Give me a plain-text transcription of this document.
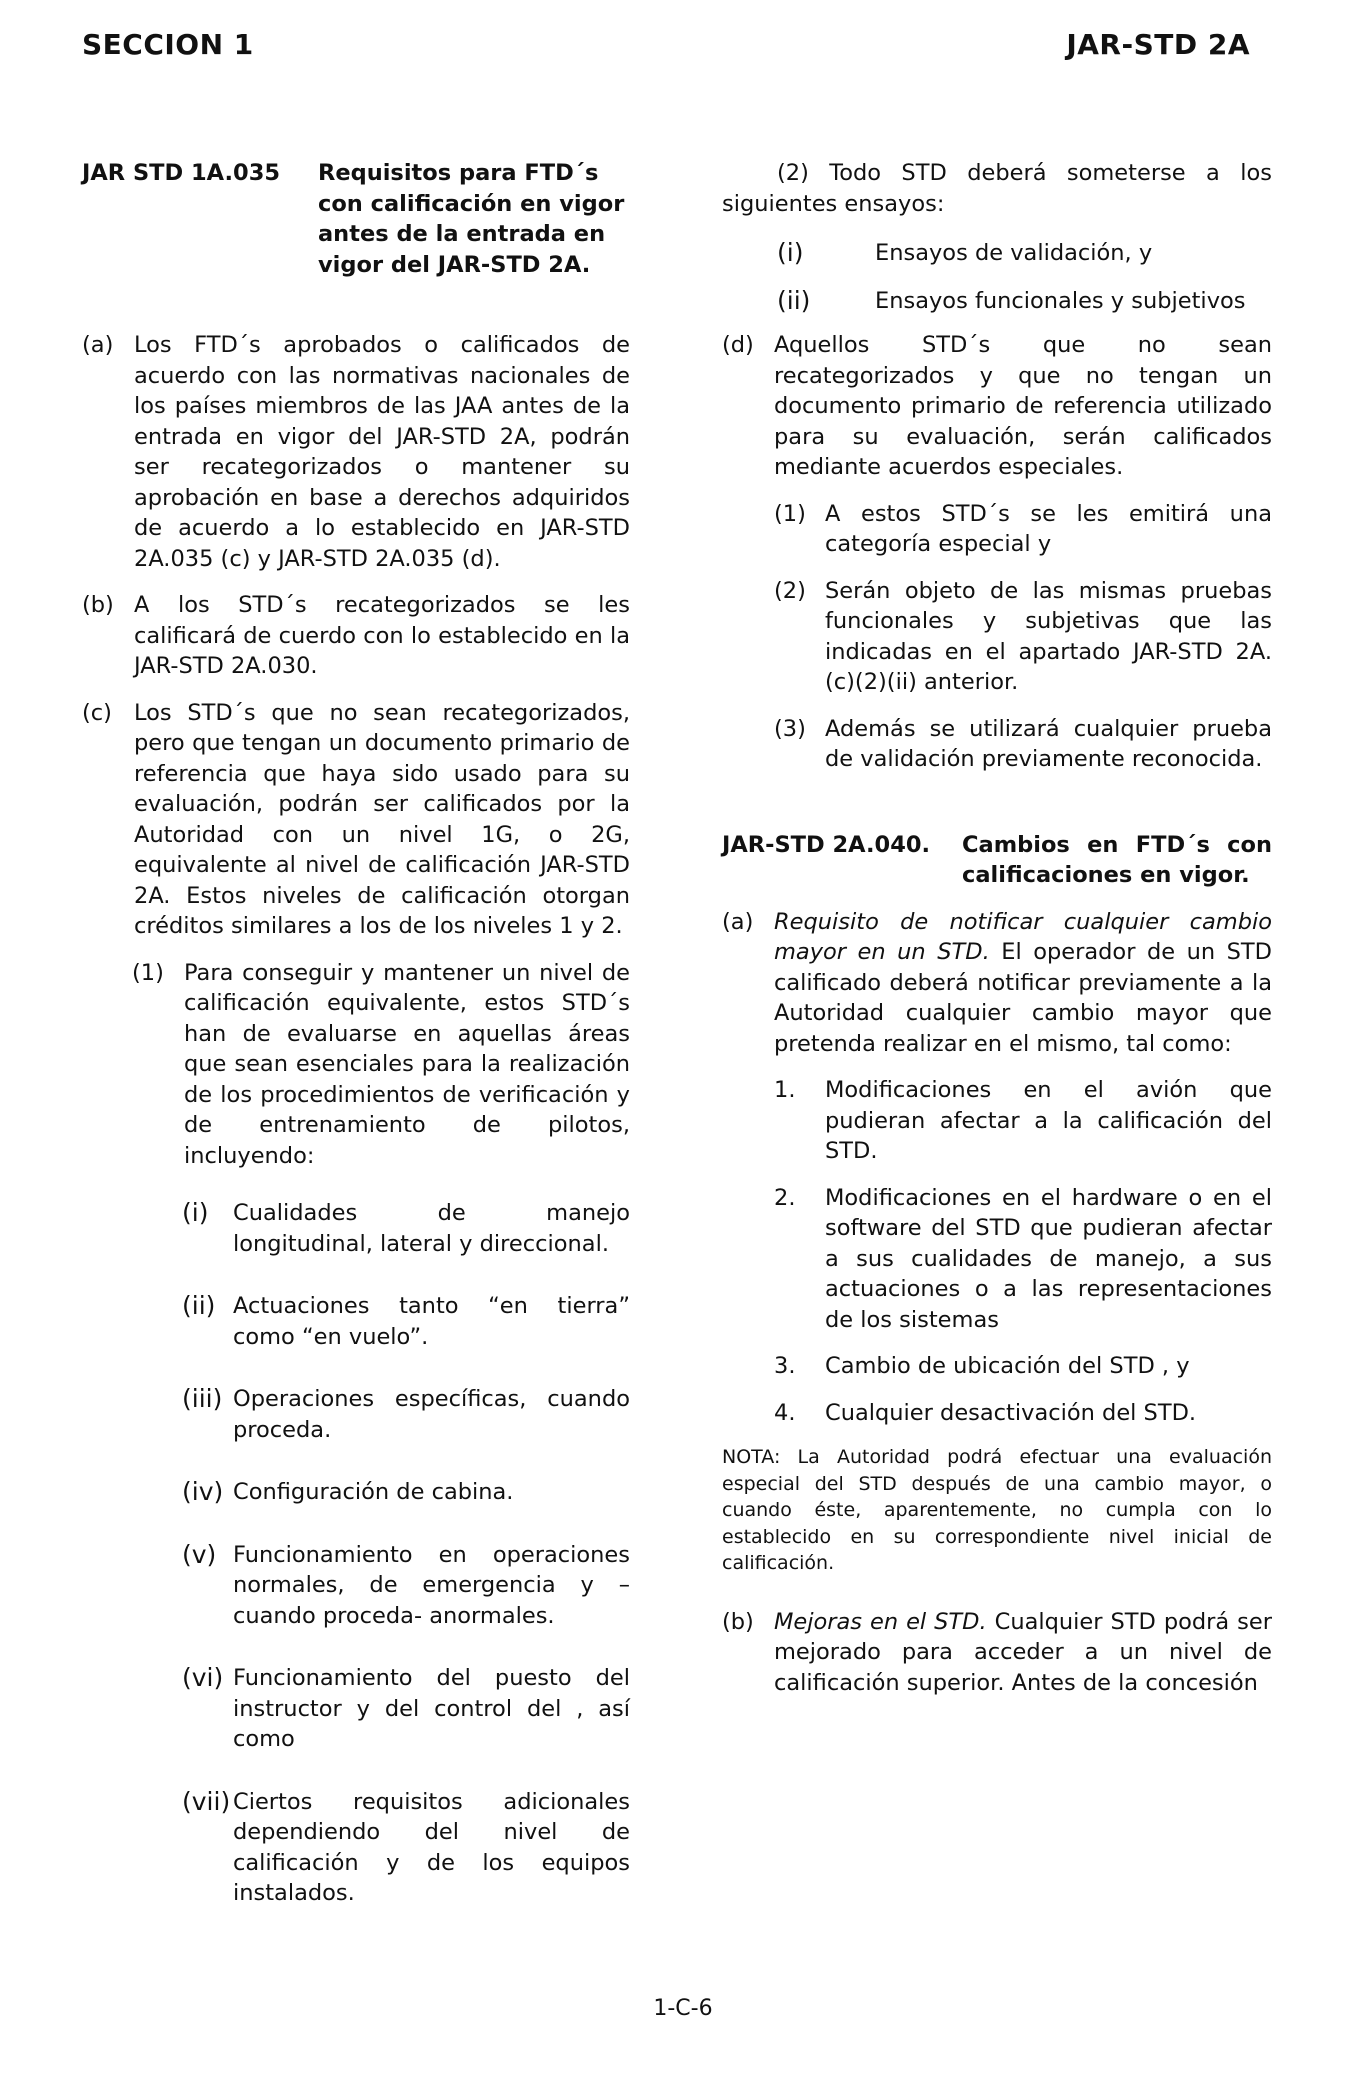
SECCION 1	JAR-STD 2A
JAR STD 1A.035	Requisitos para FTD´s con calificación en vigor antes de la entrada en vigor del JAR-STD 2A.
(a) Los FTD´s aprobados o calificados de acuerdo con las normativas nacionales de los países miembros de las JAA antes de la entrada en vigor del JAR-STD 2A, podrán ser recategorizados o mantener su aprobación en base a derechos adquiridos de acuerdo a lo establecido en JAR-STD 2A.035 (c) y JAR-STD 2A.035 (d).
(b) A los STD´s recategorizados se les calificará de cuerdo con lo establecido en la JAR-STD 2A.030.
(c) Los STD´s que no sean recategorizados, pero que tengan un documento primario de referencia que haya sido usado para su evaluación, podrán ser calificados por la Autoridad con un nivel 1G, o 2G, equivalente al nivel de calificación JAR-STD 2A. Estos niveles de calificación otorgan créditos similares a los de los niveles 1 y 2.
(1) Para conseguir y mantener un nivel de calificación equivalente, estos STD´s han de evaluarse en aquellas áreas que sean esenciales para la realización de los procedimientos de verificación y de entrenamiento de pilotos, incluyendo:
(i) Cualidades de manejo longitudinal, lateral y direccional.
(ii) Actuaciones tanto “en tierra” como “en vuelo”.
(iii) Operaciones específicas, cuando proceda.
(iv) Configuración de cabina.
(v) Funcionamiento en operaciones normales, de emergencia y –cuando proceda- anormales.
(vi) Funcionamiento del puesto del instructor y del control del , así como
(vii) Ciertos requisitos adicionales dependiendo del nivel de calificación y de los equipos instalados.

(2) Todo STD deberá someterse a los siguientes ensayos:

(i)	Ensayos de validación, y
(ii)	Ensayos funcionales y subjetivos
(d) Aquellos STD´s que no sean recategorizados y que no tengan un documento primario de referencia utilizado para su evaluación, serán calificados mediante acuerdos especiales.
(1) A estos STD´s se les emitirá una categoría especial y
(2) Serán objeto de las mismas pruebas funcionales y subjetivas que las indicadas en el apartado JAR-STD 2A. (c)(2)(ii) anterior.
(3) Además se utilizará cualquier prueba de validación previamente reconocida.
JAR-STD 2A.040.	Cambios en FTD´s con calificaciones en vigor.
(a) Requisito de notificar cualquier cambio mayor en un STD. El operador de un STD calificado deberá notificar previamente a la Autoridad cualquier cambio mayor que pretenda realizar en el mismo, tal como:
1. Modificaciones en el avión que pudieran afectar a la calificación del STD.
2. Modificaciones en el hardware o en el software del STD que pudieran afectar a sus cualidades de manejo, a sus actuaciones o a las representaciones de los sistemas
3. Cambio de ubicación del STD , y
4. Cualquier desactivación del STD.

NOTA: La Autoridad podrá efectuar una evaluación especial del STD después de una cambio mayor, o cuando éste, aparentemente, no cumpla con lo establecido en su correspondiente nivel inicial de calificación.

(b) Mejoras en el STD. Cualquier STD podrá ser mejorado para acceder a un nivel de calificación superior. Antes de la concesión
1-C-6
